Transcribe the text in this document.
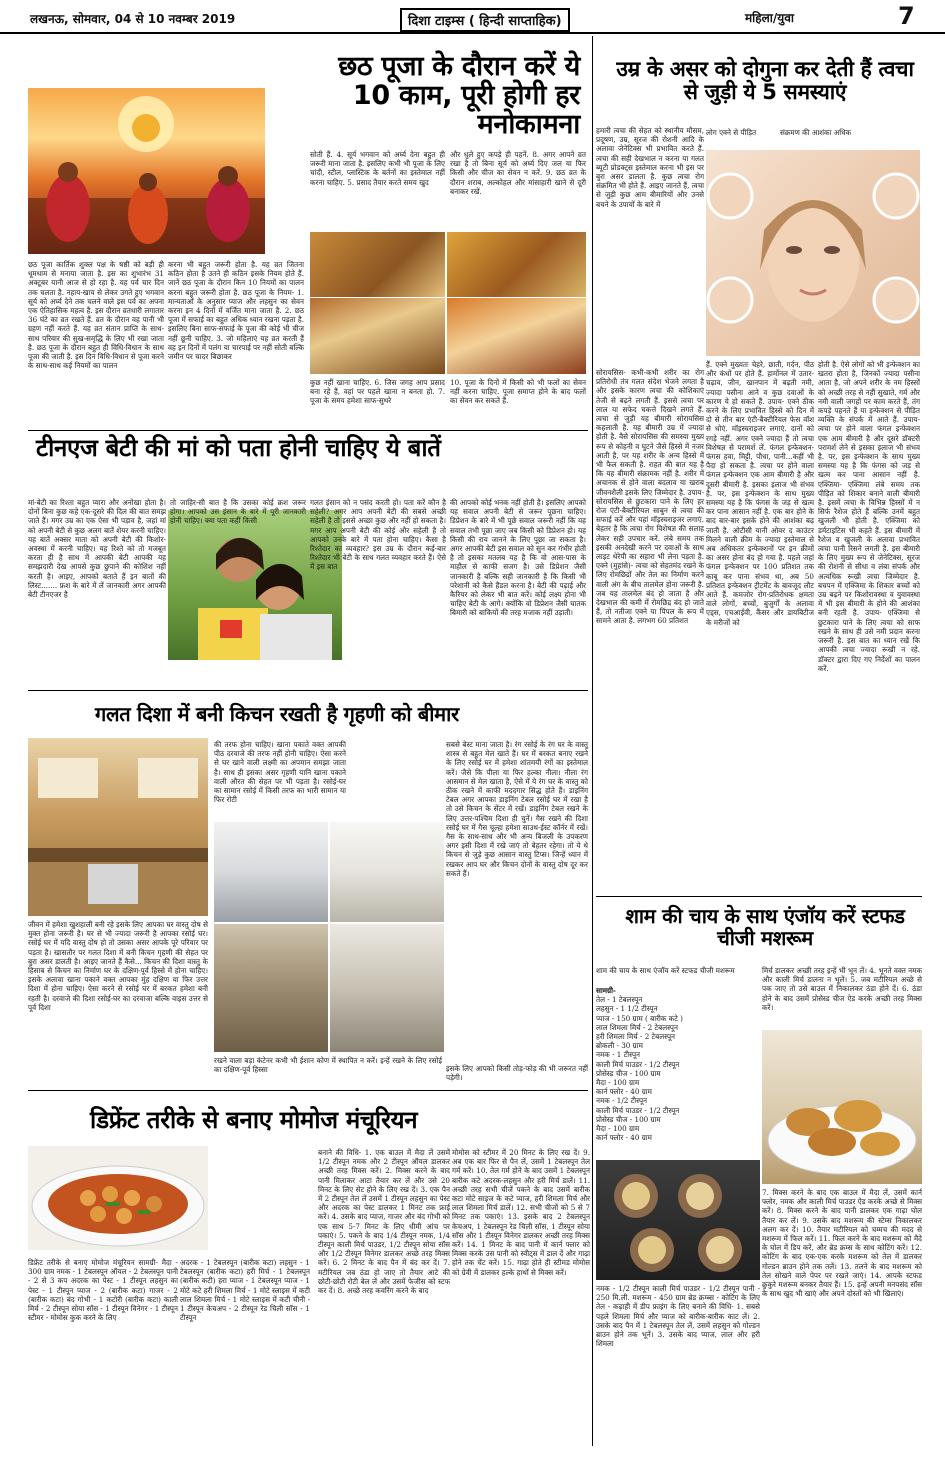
लखनऊ, सोमवार, 04 से 10 नवम्बर 2019	दिशा टाइम्स ( हिन्दी साप्ताहिक)	महिला/युवा	7
छठ पूजा के दौरान करें ये 10 काम, पूरी होगी हर मनोकामना
छठ पूजा कार्तिक शुक्ल पक्ष के षष्ठी को बड़ी ही धूमधाम से मनाया जाता है. इस का शुभारंभ 31 अक्टूबर यानी आज से हो रहा है. यह पर्व चार दिन तक चलता है. नहाय-खाय से लेकर उगते हुए भगवान सूर्य को अर्घ्य देने तक चलने वाले इस पर्व का अपना एक ऐतिहासिक महत्व है. इस दौरान व्रतधारी लगातार 36 घंटे का व्रत रखते हैं. व्रत के दौरान वह पानी भी ग्रहण नहीं करते हैं. यह व्रत संतान प्राप्ति के साथ-साथ परिवार की सुख-समृद्धि के लिए भी रखा जाता है. छठ पूजा के दौरान बहुत ही विधि-विधान के साथ पूजा की जाती है. इस दिन विधि-विधान से पूजा करने के साथ-साथ कई नियमों का पालन
करना भी बहुत जरूरी होता है. यह व्रत जितना कठिन होता है उतने ही कठिन इसके नियम होते हैं. जानें छठ पूजा के दौरान किन 10 नियमों का पालन करना बहुत जरूरी होता है. छठ पूजा के नियम- 1. मान्यताओं के अनुसार प्याज और लहसुन का सेवन करना इन 4 दिनों में वर्जित माना जाता है. 2. छठ पूजा में सफाई का बहुत अधिक ध्यान रखना पड़ता है. इसलिए बिना साफ-सफाई के पूजा की कोई भी चीज नहीं छूनी चाहिए. 3. जो महिलाएं यह व्रत करती हैं वह इन दिनों में पलंग या चारपाई पर नहीं सोती बल्कि जमीन पर चादर बिछाकर
सोती हैं. 4. सूर्य भगवान को अर्घ्य देना बहुत ही जरूरी माना जाता है. इसलिए कभी भी पूजा के लिए चांदी, स्टील, प्लास्टिक के बर्तनों का इस्तेमाल नहीं करना चाहिए. 5. प्रसाद तैयार करते समय खुद
और धुले हुए कपड़े ही पहनें. 8. अगर आपने व्रत रखा है तो बिना सूर्य को अर्घ्य दिए जल या फिर किसी और चीज का सेवन न करें. 9. छठ व्रत के दौरान शराब, अल्कोहल और मांसाहारी खाने से दूरी बनाकर रखें.
कुछ नहीं खाना चाहिए. 6. जिस जगह आप प्रसाद बना रहे हैं, वहां पर पहले खाना न बनता हो. 7. पूजा के समय हमेशा साफ-सुथरे
10. पूजा के दिनों में किसी को भी फलों का सेवन नहीं करना चाहिए. पूजा समाप्त होने के बाद फलों का सेवन कर सकते हैं.
टीनएज बेटी की मां को पता होनी चाहिए ये बातें
मां-बेटी का रिश्ता बहुत प्यारा और अनोखा होता है। दोनों बिना कुछ कहे एक-दूसरे की दिल की बात समझ जाते हैं। मगर उम्र का एक ऐसा भी पड़ाव है, जहां मां को अपनी बेटी से कुछ अलग बातें शेयर करनी चाहिए। यह बातें अक्सर माता को अपनी बेटी की किशोर-अवस्था में करनी चाहिए। यह रिश्ते को तो मजबूत करता ही है साथ में आपकी बेटी आपकी यह समझदारी देख आपसे कुछ छुपाने की कोशिश नहीं करती है। आइए, आपको बताते हैं इन बातों की लिस्ट....... फ्रश के बारे में लें जानकारी अगर आपकी बेटी टीनएजर है
तो जाहिर-सी बात है कि उसका कोई क्रश जरूर होगा। आपको उस इंसान के बारे में पूरी जानकारी होनी चाहिए। क्या पता कहीं किसी
गलत इंसान को न पसंद करती हो। पता करें कौन है सहेली? अगर आप अपनी बेटी की सबसे अच्छी सहेली है तो इससे अच्छा कुछ और नहीं हो सकता है। मगर आप अपनी बेटी की कोई और सहेली है तो आपको उनके बारे में पता होना चाहिए। कैसा है रिश्तेदार का व्यवहार? इस उम्र के दौरान कई-बार रिश्तेदार भी बेटी के साथ गलत व्यवहार करते हैं। ऐसे में इस बात
की आपको कोई भनक नहीं होती है। इसलिए आपको यह सवाल अपनी बेटी से जरूर पूछना चाहिए। डिप्रेशन के बारे में भी पूछे सवाल जरूरी नहीं कि यह सवाल तभी पूछा जाए जब किसी को डिप्रेशन हो। यह किसी की राय जानने के लिए पूछा जा सकता है। अगर आपकी बेटी इस सवाल को सुन कर गंभीर होती है तो इसका मतलब यह है कि वो आस-पास के माहौल से काफी सजग है। उसे डिप्रेशन जैसी जानकारी है बल्कि सही जानकारी है कि किसी भी परेशानी को कैसे हैंडल करना है। बेटी की पढ़ाई और कैरियर को लेकर भी बात करें। कोई लक्ष्य होना भी चाहिए बेटी के आगे। क्योंकि वो डिप्रेशन जैसी घातक बिमारी को बाकियों की तरह मजाक नहीं उड़ाती।
गलत दिशा में बनी किचन रखती है गृहणी को बीमार
जीवन में हमेशा खुशहाली बनी रहे इसके लिए आपका घर वास्तु दोष से मुक्त होना जरूरी है। घर से भी ज्यादा जरूरी है आपका रसोई घर। रसोई घर में यदि वास्तु दोष हो तो उसका असर आपके पूरे परिवार पर पड़ता है। खासतौर पर गलत दिशा में बनी किचन गृहणी की सेहत पर बुरा असर डालती है। आइए जानते हैं कैसे... किचन की दिशा वास्तु के हिसाब से किचन का निर्माण घर के दक्षिण-पूर्व हिस्से में होना चाहिए। इसके अलावा खाना पकाने वक्त आपका मुंह दक्षिण या फिर उत्तर दिशा में होना चाहिए। ऐसा करने से रसोई घर में बरकत हमेशा बनी रहती है। दरवाजे की दिशा रसोई-घर का दरवाजा बल्कि वाइस उत्तर से पूर्व दिशा
की तरफ होना चाहिए। खाना पकाते वक्त आपकी पीठ दरवाजे की तरफ नहीं होनी चाहिए। ऐसा करने से घर खाने वाली लक्ष्मी का अपमान समझा जाता है। साथ ही इसका असर गृहणी यानि खाना पकाने वाली औरत की सेहत पर भी पड़ता है। रसोई-घर का सामान रसोई में किसी तरफ का भारी सामान या फिर रोटी
सबसे बेस्ट माना जाता है। रंग रसोई के रंग घर के वास्तु शास्त्र से बहुत मेल खाते हैं। घर में बरकत बनाए रखने के लिए रसोई घर में हमेशा शांतमयी रंगों का इस्तेमाल करें। जैसे कि पीला या फिर हल्का नीला। नीला रंग आसमान से मेल खाता है, ऐसे में ये रंग घर के वास्तु को ठीक रखने में काफी मददगार सिद्ध होते हैं। डाइनिंग टेबल अगर आपका डाइनिंग टेबल रसोई घर में रखा है तो उसे किचन के सेंटर में रखें। डाइनिंग टेबल रखने के लिए उत्तर-पश्चिम दिशा ही चुनें। गैस रखने की दिशा रसोई घर में गैस चूल्हा हमेशा साउथ-ईस्ट कॉर्नर में रखें। गैस के साथ-साथ और भी अन्य बिजली के उपकरण अगर इसी दिशा में रखे जाएं तो बेहतर रहेगा। तो ये थे किचन से जुड़े कुछ आसान वास्तु टिप्स। जिन्हें ध्यान में रखकर आप घर और किचन दोनों के वास्तु दोष दूर कर सकते हैं।
रखने वाला बड़ा कंटेनर कभी भी ईशान कोण में स्थापित न करें। इन्हें रखने के लिए रसोई का दक्षिण-पूर्व हिस्सा	इसके लिए आपको किसी तोड़-फोड़ की भी जरूरत नहीं पड़ेगी।
डिफ्रेंट तरीके से बनाए मोमोज मंचूरियन
डिफ्रेंट तरीके से बनाए मोमोज मंचूरियन सामग्री- मैदा - 300 ग्राम नमक - 1 टेबलस्पून ऑयल - 2 टेबलस्पून पानी - 2 से 3 कप अदरक का पेस्ट - 1 टीस्पून लहसुन का पेस्ट - 1 टीस्पून प्याज - 2 (बारीक कटा) गाजर - 2 (बारीक कटा) बंद गोभी - 1 कटोरी (बारीक कटा) काली मिर्च - 2 टीस्पून सोया सॉस - 1 टीस्पून विनेगर - 1 टीस्पून स्टीमर - मोमोस कुक करने के लिए
अदरक - 1 टेबलस्पून (बारीक कटा) लहसुन - 1 टेबलस्पून (बारीक कटा) हरी मिर्च - 1 टेबलस्पून (बारीक कटी) हरा प्याज - 1 टेबलस्पून प्याज - 1 मोटे कटे हरी शिमला मिर्च - 1 मोटे स्लाइस में कटी लाल शिमला मिर्च - 1 मोटे स्लाइस में कटी चीनी - 1 टीस्पून केचअप - 2 टीस्पून रेड चिली सॉस - 1 टीस्पून
बनाने की विधि- 1. एक बाउल में मैदा लें उसमें 1/2 टीस्पून नमक और 2 टीस्पून ऑयल डालकर अच्छी तरह मिक्स करें। 2. मिक्स करने के बाद पानी मिलाकर आटा तैयार कर लें और उसे 20 मिनट के लिए सेट होने के लिए रख दें। 3. एक पैन में 2 टीस्पून तेल लें उसमें 1 टीस्पून लहसुन का पेस्ट और अदरक का पेस्ट डालकर 1 मिनट तक फ्राई करें। 4. उसके बाद प्याज, गाजर और बंद गोभी को एक साथ 5-7 मिनट के लिए धीमी आंच पर पकाएं। 5. पकने के बाद 1/4 टीस्पून नमक, 1/4 टीस्पून काली मिर्च पाउडर, 1/2 टीस्पून सोया सॉस और 1/2 टीस्पून विनेगर डालकर अच्छे तरह मिक्स करें। 6. 2 मिनट के बाद पैन में बंद कर दें। 7. मटीरियल जब ठंडा हो जाए तो तैयार आटे की छोटी-छोटी रोटी बेल लें और उसमें फेजीस को स्टफ कर दें। 8. अच्छे तरह कवरिंग करने के बाद
मोमोस को स्टीमर में 20 मिनट के लिए रख दें। 9. अब एक बार फिर से पैन लें, उसमें 1 टेबलस्पून तेल गर्म करें। 10. तेल गर्म होने के बाद उसमें 1 टेबलस्पून बारीक कटे अदरक-लहसुन और हरी मिर्च डालें। 11. अच्छी तरह सभी चीजें पकने के बाद उसमें बारीक कटा मोटे साइज के कटे प्याज, हरी शिमला मिर्च और लाल शिमला मिर्च डालें। 12. सभी चीजों को 5 से 7 मिनट तक पकाएं। 13. इसके बाद 2 टेबलस्पून केचअप, 1 टेबलस्पून रेड चिली सॉस, 1 टीस्पून सोया सॉस और 1 टीस्पून विनेगर डालकर अच्छी तरह मिक्स करें। 14. 1 मिनट के बाद पानी में कार्न फ्लार को मिक्स करके उस पानी को स्वीट्स में डाल दें और गाढ़ा होने तक चेंट करें। 15. गाढ़ा होते ही स्टीमड मोमोस को ग्रेवी में डालकर हल्के हाथों से मिक्स करें।
उम्र के असर को दोगुना कर देती हैं त्वचा से जुड़ी ये 5 समस्याएं
हमारी त्वचा की सेहत को स्थानीय मौसम, प्रदूषण, उम्र, सूरज की रोशनी आदि के अलावा जेनेटिक्स भी प्रभावित करते हैं. त्वचा की सही देखभाल न करना या गलत ब्यूटी प्रोडक्ट्स इस्तेमाल करना भी इस पर बुरा असर डालता है. कुछ त्वचा रोग संक्रमित भी होते हैं. आइए जानते हैं, त्वचा से जुड़ी कुछ आम बीमारियों और उनसे बचने के उपायों के बारे में
लोग एक्ने से पीड़ित	संक्रमण की आशंका अधिक
सोरायसिस- कभी-कभी शरीर का रोग प्रतिरोधी तंत्र गलत संदेश भेजने लगता है और इसके कारण त्वचा की कोशिकाएं तेजी से बढ़ने लगती हैं. इससे त्वचा पर लाल या सफेद चकत्ते दिखने लगते हैं. त्वचा से जुड़ी यह बीमारी सोरायसिस कहलाती है. यह बीमारी उम्र में ज्यादा होती है. वैसे सोरायसिस की समस्या मुख्य रूप से कोहनी व घुटने जैसे हिस्से में नजर आती है, पर यह शरीर के अन्य हिस्से में भी फैल सकती है. राहत की बात यह है कि यह बीमारी संक्रामक नहीं है. शरीर में अचानक से होने वाला बदलाव या खराब जीवनशैली इसके लिए जिम्मेदार है. उपाय- सोरायसिस से छुटकारा पाने के लिए हर रोज एंटी-बैक्टीरियल साबुन से त्वचा की सफाई करें और यहां मॉइस्चराइजर लगाएं. बेहतर है कि त्वचा रोग विशेषज्ञ की सलाह लेकर सही उपचार करें. लंबे समय तक इसकी अनदेखी करने पर दवाओं के साथ लाइट थेरेपी का सहारा भी लेना पड़ता है. एक्ने (मुहांसे)- त्वचा को सेहतमंद रखने के लिए रोमछिद्रों और तेल का निर्माण करने वाली अंग के बीच तालमेल होना जरूरी है. जब यह तालमेल बंद हो जाता है और देखभाल की कमी में रोमछिद्र बंद हो जाते हैं, तो नतीजा एक्ने या पिंपल के रूप में सामने आता है. लगभग 60 प्रतिशत
हैं. एक्ने मुख्यतः चेहरे, छाती, गर्दन, पीठ और कंधों पर होते हैं. हार्मोनल में उतार-चढ़ाव, जीन, खानपान में बढ़ती नमी, ज्यादा पसीना आने व कुछ दवाओं के कारण ये हो सकते हैं. उपाय- एक्ने ठीक करने के लिए प्रभावित हिस्से को दिन में दो से तीन बार एंटी-बैक्टीरियल फेस वॉश से धोएं. मॉइस्चराइजर लगाएं. दानों को रगड़े नहीं. अगर एक्ने ज्यादा हैं तो त्वचा विशेषज्ञ से परामर्श लें. फंगल इन्फेक्शन- फंगस हवा, मिट्टी, पौधा, पानी...कहीं भी पैदा हो सकता है. त्वचा पर होने वाला फंगल इन्फेक्शन एक आम बीमारी है और दूसरी बीमारी है. इसका इलाज भी संभव है. पर, इस इन्फेक्शन के साथ मुख्य समस्या यह है कि फंगस के जड़ से खत्म कर पाना आसान नहीं है. एक बार होने के बाद बार-बार इसके होने की आशंका बढ़ जाती है. ओटीसी यानी ओवर द काउंटर मिलने वाली क्रीम के ज्यादा इस्तेमाल से अब अधिकतर इन्फेक्शनों पर इन क्रीमों का असर होना बंद हो गया है. पहले जहां फंगल इन्फेक्शन पर 100 प्रतिशत तक काबू कर पाना संभव था, अब 50 प्रतिशत इन्फेक्शन ट्रीटमेंट के बावजूद लौट आते हैं. कमजोर रोग-प्रतिरोधक क्षमता वाले लोगों, बच्चों, बुजुर्गों के अलावा एड्स, एचआईवी, कैंसर और डायबिटीज के मरीजों को
होती है. ऐसे लोगों को भी इन्फेक्शन का खतरा होता है, जिनकों ज्यादा पसीना आता है, जो अपने शरीर के नम हिस्सों को अच्छी तरह से नहीं सुखाते, गर्म और नमी वाली जगहों पर काम करते हैं, तंग कपड़े पहनते हैं या इन्फेक्शन से पीड़ित व्यक्ति के संपर्क में आते हैं. उपाय- त्वचा पर होने वाला फंगल इन्फेक्शन एक आम बीमारी है और दूसरे डॉक्टरी परामर्श लेने से इसका इलाज भी संभव है. पर, इस इन्फेक्शन के साथ मुख्य समस्या यह है कि फंगस को जड़ से खत्म कर पाना आसान नहीं है. एक्जिमा- एक्जिमा लंबे समय तक पीड़ित को शिकार बनाने वाली बीमारी है. इसमें त्वचा के विभिन्न हिस्सों में न सिर्फ रैशेज होते हैं बल्कि उनमें बहुत खुजली भी होती है. एक्जिमा को डर्मटाइटिस भी कहते हैं. इस बीमारी में रैशेज व खुजली के अलावा प्रभावित त्वचा पानी रिसने लगती है. इस बीमारी के लिए मुख्य रूप से जेनेटिक्स, सूरज की रोशनी से सीधा व लंबा संपर्क और अत्यधिक रूखी त्वचा जिम्मेदार है. बचपन में एक्जिमा के शिकार बच्चों को उम्र बढ़ने पर किशोरावस्था व युवावस्था में भी इस बीमारी के होने की आशंका बनी रहती है. उपाय- एक्जिमा से छुटकारा पाने के लिए त्वचा को साफ रखने के साथ ही उसे नमी प्रदान करना जरूरी है. इस बात का ध्यान रखें कि आपकी त्वचा ज्यादा रूखी न रहे. डॉक्टर द्वारा दिए गए निर्देशों का पालन करें.
शाम की चाय के साथ एंजॉय करें स्टफड चीजी मशरूम
शाम की चाय के साथ एंजॉय करें स्टफड चीजी मशरूम
सामग्री-
तेल - 1 टेबलस्पून
लहसुन - 1 1/2 टीस्पून
प्याज - 150 ग्राम ( बारीक कटे )
लाल शिमला मिर्च - 2 टेबलस्पून
हरी शिमला मिर्च - 2 टेबलस्पून
ब्रोकली - 30 ग्राम
नमक - 1 टीस्पून
काली मिर्च पाउडर - 1/2 टीस्पून
प्रोसेस्ड चीज - 100 ग्राम
मैदा - 100 ग्राम
कार्न फ्लोर - 40 ग्राम
नमक - 1/2 टीस्पून
काली मिर्च पाउडर - 1/2 टीस्पून
प्रोसेस्ड चीज - 100 ग्राम
मैदा - 100 ग्राम
कार्न फ्लोर - 40 ग्राम
मिर्च डालकर अच्छी तरह इन्हें भी भून लें। 4. भूनते वक्त नमक और काली मिर्च डालना न भूलें। 5. जब मटीरियल अच्छे से पक जाए तो उसे बाउल में निकालकर ठंडा होने दें। 6. ठंडा होने के बाद उसमें प्रोसेस्ड चीज ऐड करके अच्छी तरह मिक्स करें।
नमक - 1/2 टीस्पून काली मिर्च पाउडर - 1/2 टीस्पून पानी - 250 मि.ली. मशरूम - 450 ग्राम ब्रेड क्रम्ब्स - कोटिंग के लिए तेल - कढ़ाही में डीप फ्राइंग के लिए बनाने की विधि- 1. सबसे पहले शिमला मिर्च और प्याज को बारीक-बारीक काट लें। 2. उसके बाद पैन में 1 टेबलस्पून तेल लें, उसमें लहसुन को गोल्डन ब्राउन होने तक भूनें। 3. उसके बाद प्याज, लाल और हरी शिमला
7. मिक्स करने के बाद एक बाउल में मैदा लें, उसमें कार्न फ्लोर, नमक और काली मिर्च पाउडर ऐड करके अच्छे से मिक्स करें। 8. मिक्स करने के बाद पानी डालकर एक गाढ़ा घोल तैयार कर लें। 9. उसके बाद मशरूम की स्टेम्स निकालकर अलग कर दें। 10. तैयार मटीरियल को चम्मच की मदद से मशरूम में फिल करें। 11. फिल करने के बाद मशरूम को मैदे के घोल में डिप करें, और ब्रेड क्रम्स के साथ कोटिंग करें। 12. कोटिंग के बाद एक-एक करके मशरूम को तेल में डालकर गोल्डन ब्राउन होने तक तलें। 13. तलने के बाद मशरूम को तेल सोखने वाले पेपर पर रखते जाएं। 14. आपके स्टफड क्रुकुरे मशरूम बनकर तैयार हैं। 15. इन्हें अपनी मनपसंद सॉस के साथ खुद भी खाएं और अपने दोस्तों को भी खिलाएं।
